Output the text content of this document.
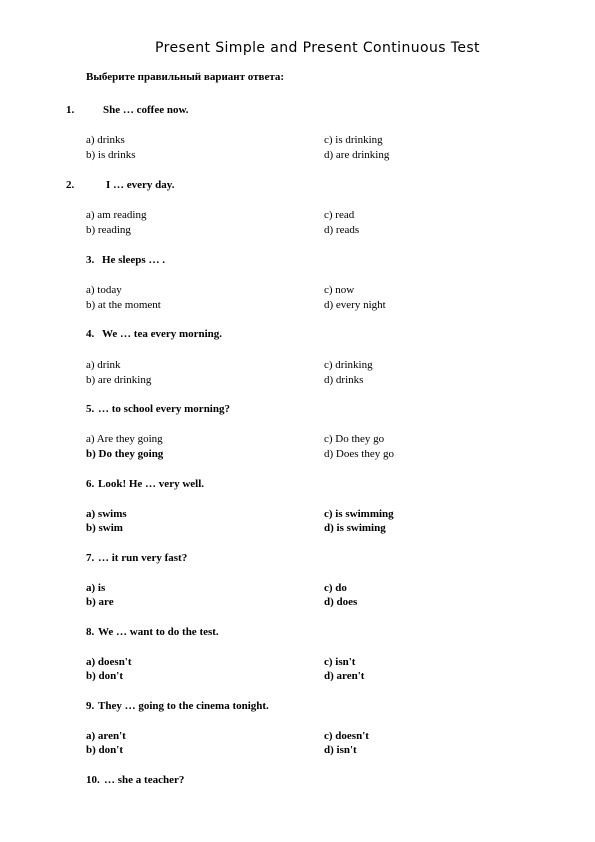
Present Simple and Present Continuous Test
Выберите правильный вариант ответа:
1.	She … coffee now.
a) drinks	c) is drinking
b) is drinks	d) are drinking
2.	I … every day.
a) am reading	c) read
b) reading	d) reads
3. He sleeps … .
a) today	c) now
b) at the moment	d) every night
4. We … tea every morning.
a) drink	c) drinking
b) are drinking	d) drinks
5. … to school every morning?
a) Are they going	c) Do they go
b) Do they going	d) Does they go
6. Look! He … very well.
a) swims	c) is swimming
b) swim	d) is swiming
7. … it run very fast?
a) is	c) do
b) are	d) does
8. We … want to do the test.
a) doesn't	c) isn't
b) don't	d) aren't
9. They … going to the cinema tonight.
a) aren't	c) doesn't
b) don't	d) isn't
10. … she a teacher?
